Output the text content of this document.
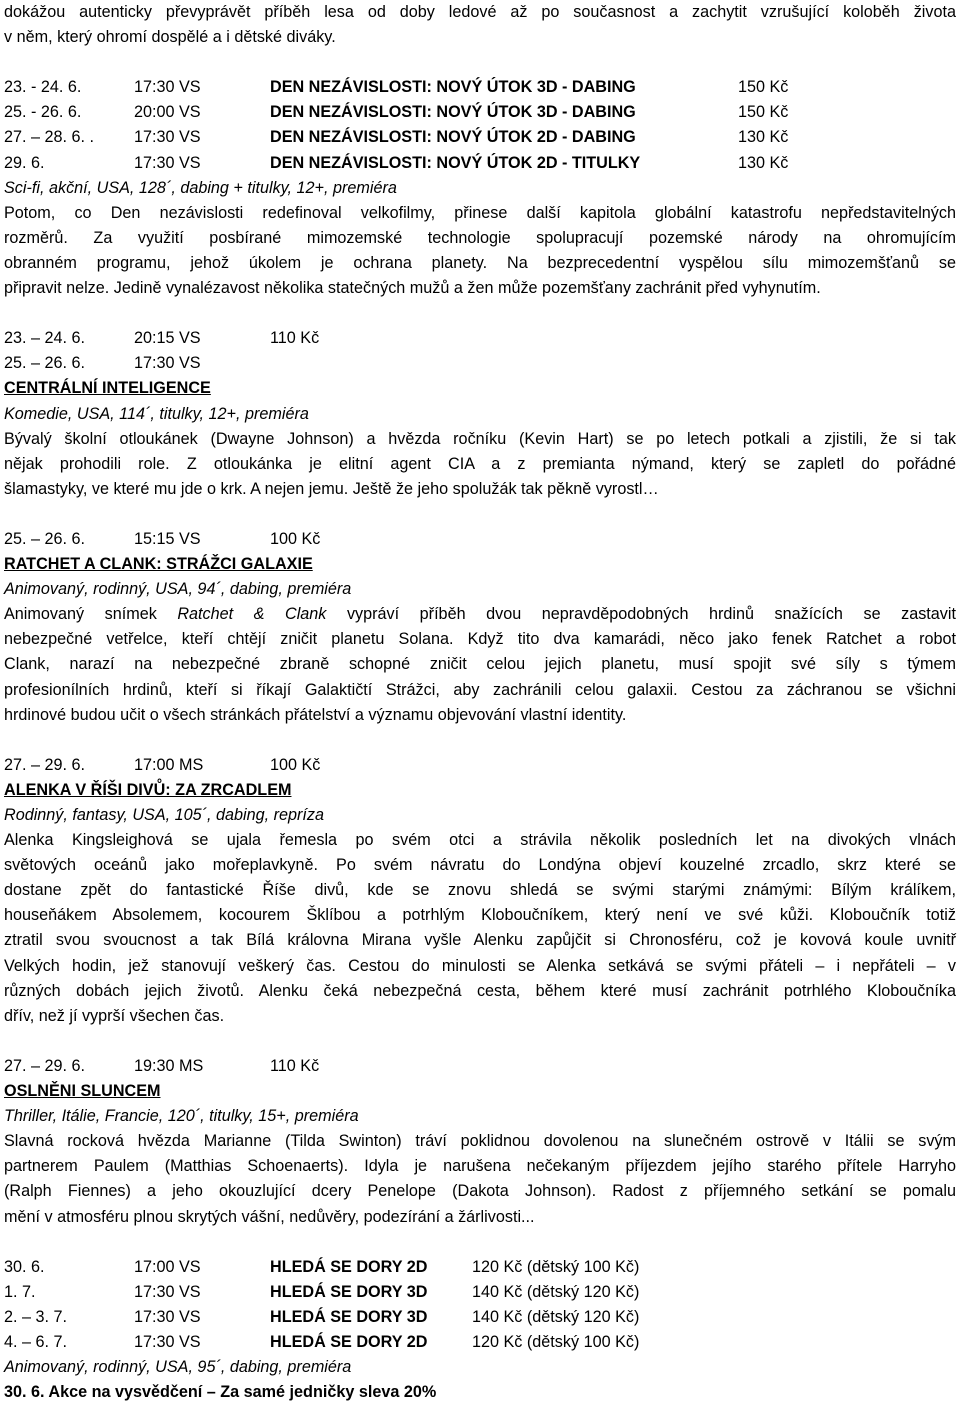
dokážou autenticky převyprávět příběh lesa od doby ledové až po současnost a zachytit vzrušující koloběh života
v něm, který ohromí dospělé a i dětské diváky.
23. - 24. 6.	17:30 VS	DEN NEZÁVISLOSTI: NOVÝ ÚTOK 3D - DABING	150 Kč
25. - 26. 6.	20:00 VS	DEN NEZÁVISLOSTI: NOVÝ ÚTOK 3D - DABING	150 Kč
27. – 28. 6. .	17:30 VS	DEN NEZÁVISLOSTI: NOVÝ ÚTOK 2D - DABING	130 Kč
29. 6.	17:30 VS	DEN NEZÁVISLOSTI: NOVÝ ÚTOK 2D - TITULKY	130 Kč
Sci-fi, akční, USA, 128´, dabing + titulky, 12+, premiéra
Potom, co Den nezávislosti redefinoval velkofilmy, přinese další kapitola globální katastrofu nepředstavitelných
rozměrů. Za využití posbírané mimozemské technologie spolupracují pozemské národy na ohromujícím
obranném programu, jehož úkolem je ochrana planety. Na bezprecedentní vyspělou sílu mimozemšťanů se
připravit nelze. Jedině vynalézavost několika statečných mužů a žen může pozemšťany zachránit před vyhynutím.
23. – 24. 6.	20:15 VS	110 Kč
25. – 26. 6.	17:30 VS
CENTRÁLNÍ INTELIGENCE
Komedie, USA, 114´, titulky, 12+, premiéra
Bývalý školní otloukánek (Dwayne Johnson) a hvězda ročníku (Kevin Hart) se po letech potkali a zjistili, že si tak
nějak prohodili role. Z otloukánka je elitní agent CIA a z premianta nýmand, který se zapletl do pořádné
šlamastyky, ve které mu jde o krk. A nejen jemu. Ještě že jeho spolužák tak pěkně vyrostl…
25. – 26. 6.	15:15 VS	100 Kč
RATCHET A CLANK: STRÁŽCI GALAXIE
Animovaný, rodinný, USA, 94´, dabing, premiéra
Animovaný snímek Ratchet & Clank vypráví příběh dvou nepravděpodobných hrdinů snažících se zastavit
nebezpečné vetřelce, kteří chtějí zničit planetu Solana. Když tito dva kamarádi, něco jako fenek Ratchet a robot
Clank, narazí na nebezpečné zbraně schopné zničit celou jejich planetu, musí spojit své síly s týmem
profesionílních hrdinů, kteří si říkají Galaktičtí Strážci, aby zachránili celou galaxii. Cestou za záchranou se všichni
hrdinové budou učit o všech stránkách přátelství a významu objevování vlastní identity.
27. – 29. 6.	17:00 MS	100 Kč
ALENKA V ŘÍŠI DIVŮ: ZA ZRCADLEM
Rodinný, fantasy, USA, 105´, dabing, repríza
Alenka Kingsleighová se ujala řemesla po svém otci a strávila několik posledních let na divokých vlnách
světových oceánů jako mořeplavkyně. Po svém návratu do Londýna objeví kouzelné zrcadlo, skrz které se
dostane zpět do fantastické Říše divů, kde se znovu shledá se svými starými známými: Bílým králíkem,
houseňákem Absolemem, kocourem Šklíbou a potrhlým Kloboučníkem, který není ve své kůži. Kloboučník totiž
ztratil svou svoucnost a tak Bílá královna Mirana vyšle Alenku zapůjčit si Chronosféru, což je kovová koule uvnitř
Velkých hodin, jež stanovují veškerý čas. Cestou do minulosti se Alenka setkává se svými přáteli – i nepřáteli – v
různých dobách jejich životů. Alenku čeká nebezpečná cesta, během které musí zachránit potrhlého Kloboučníka
dřív, než jí vyprší všechen čas.
27. – 29. 6.	19:30 MS	110 Kč
OSLNĚNI SLUNCEM
Thriller, Itálie, Francie, 120´, titulky, 15+, premiéra
Slavná rocková hvězda Marianne (Tilda Swinton) tráví poklidnou dovolenou na slunečném ostrově v Itálii se svým
partnerem Paulem (Matthias Schoenaerts). Idyla je narušena nečekaným příjezdem jejího starého přítele Harryho
(Ralph Fiennes) a jeho okouzlující dcery Penelope (Dakota Johnson). Radost z příjemného setkání se pomalu
mění v atmosféru plnou skrytých vášní, nedůvěry, podezírání a žárlivosti...
30. 6.	17:00 VS	HLEDÁ SE DORY 2D	120 Kč (dětský 100 Kč)
1. 7.	17:30 VS	HLEDÁ SE DORY 3D	140 Kč (dětský 120 Kč)
2. – 3. 7.	17:30 VS	HLEDÁ SE DORY 3D	140 Kč (dětský 120 Kč)
4. – 6. 7.	17:30 VS	HLEDÁ SE DORY 2D	120 Kč (dětský 100 Kč)
Animovaný, rodinný, USA, 95´, dabing, premiéra
30. 6. Akce na vysvědčení – Za samé jedničky sleva 20%
